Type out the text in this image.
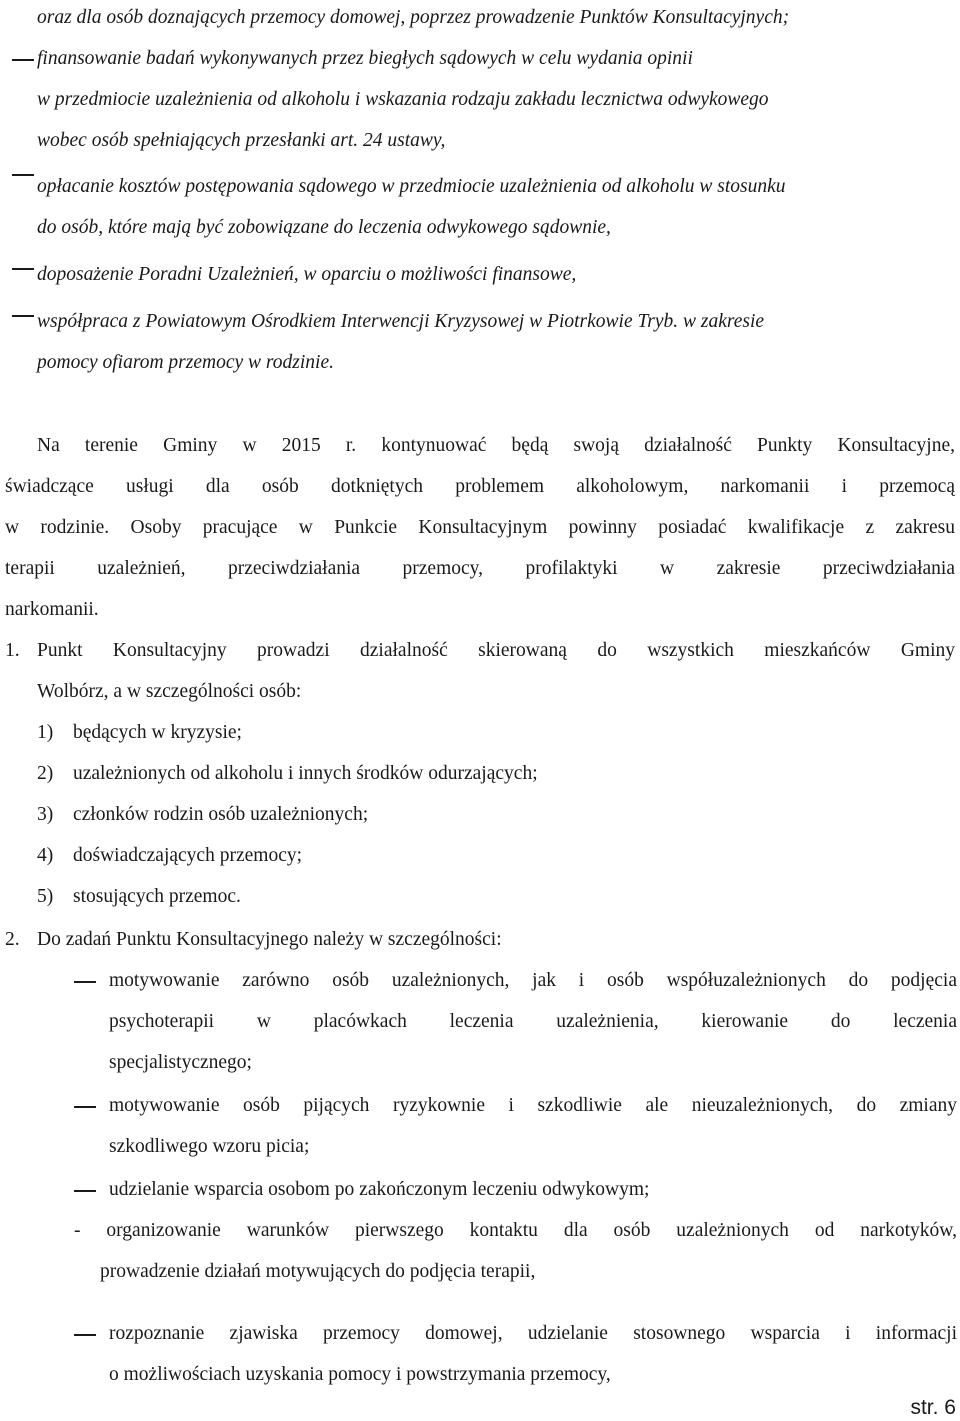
oraz dla osób doznających przemocy domowej, poprzez prowadzenie Punktów Konsultacyjnych;
finansowanie badań wykonywanych przez biegłych sądowych w celu wydania opinii
w przedmiocie uzależnienia od alkoholu i wskazania rodzaju zakładu lecznictwa odwykowego
wobec osób spełniających przesłanki art. 24 ustawy,
opłacanie kosztów postępowania sądowego w przedmiocie uzależnienia od alkoholu w stosunku
do osób, które mają być zobowiązane do leczenia odwykowego sądownie,
doposażenie Poradni Uzależnień, w oparciu o możliwości finansowe,
współpraca z Powiatowym Ośrodkiem Interwencji Kryzysowej w Piotrkowie Tryb. w zakresie
pomocy ofiarom przemocy w rodzinie.
Na terenie Gminy w 2015 r. kontynuować będą swoją działalność Punkty Konsultacyjne,
świadczące usługi dla osób dotkniętych problemem alkoholowym, narkomanii i przemocą
w rodzinie. Osoby pracujące w Punkcie Konsultacyjnym powinny posiadać kwalifikacje z zakresu
terapii uzależnień, przeciwdziałania przemocy, profilaktyki w zakresie przeciwdziałania
narkomanii.
1. Punkt Konsultacyjny prowadzi działalność skierowaną do wszystkich mieszkańców Gminy
Wolbórz, a w szczególności osób:
1) będących w kryzysie;
2) uzależnionych od alkoholu i innych środków odurzających;
3) członków rodzin osób uzależnionych;
4) doświadczających przemocy;
5) stosujących przemoc.
2. Do zadań Punktu Konsultacyjnego należy w szczególności:
motywowanie zarówno osób uzależnionych, jak i osób współuzależnionych do podjęcia
psychoterapii w placówkach leczenia uzależnienia, kierowanie do leczenia
specjalistycznego;
motywowanie osób pijących ryzykownie i szkodliwie ale nieuzależnionych, do zmiany
szkodliwego wzoru picia;
udzielanie wsparcia osobom po zakończonym leczeniu odwykowym;
- organizowanie warunków pierwszego kontaktu dla osób uzależnionych od narkotyków,
prowadzenie działań motywujących do podjęcia terapii,
rozpoznanie zjawiska przemocy domowej, udzielanie stosownego wsparcia i informacji
o możliwościach uzyskania pomocy i powstrzymania przemocy,
str. 6
